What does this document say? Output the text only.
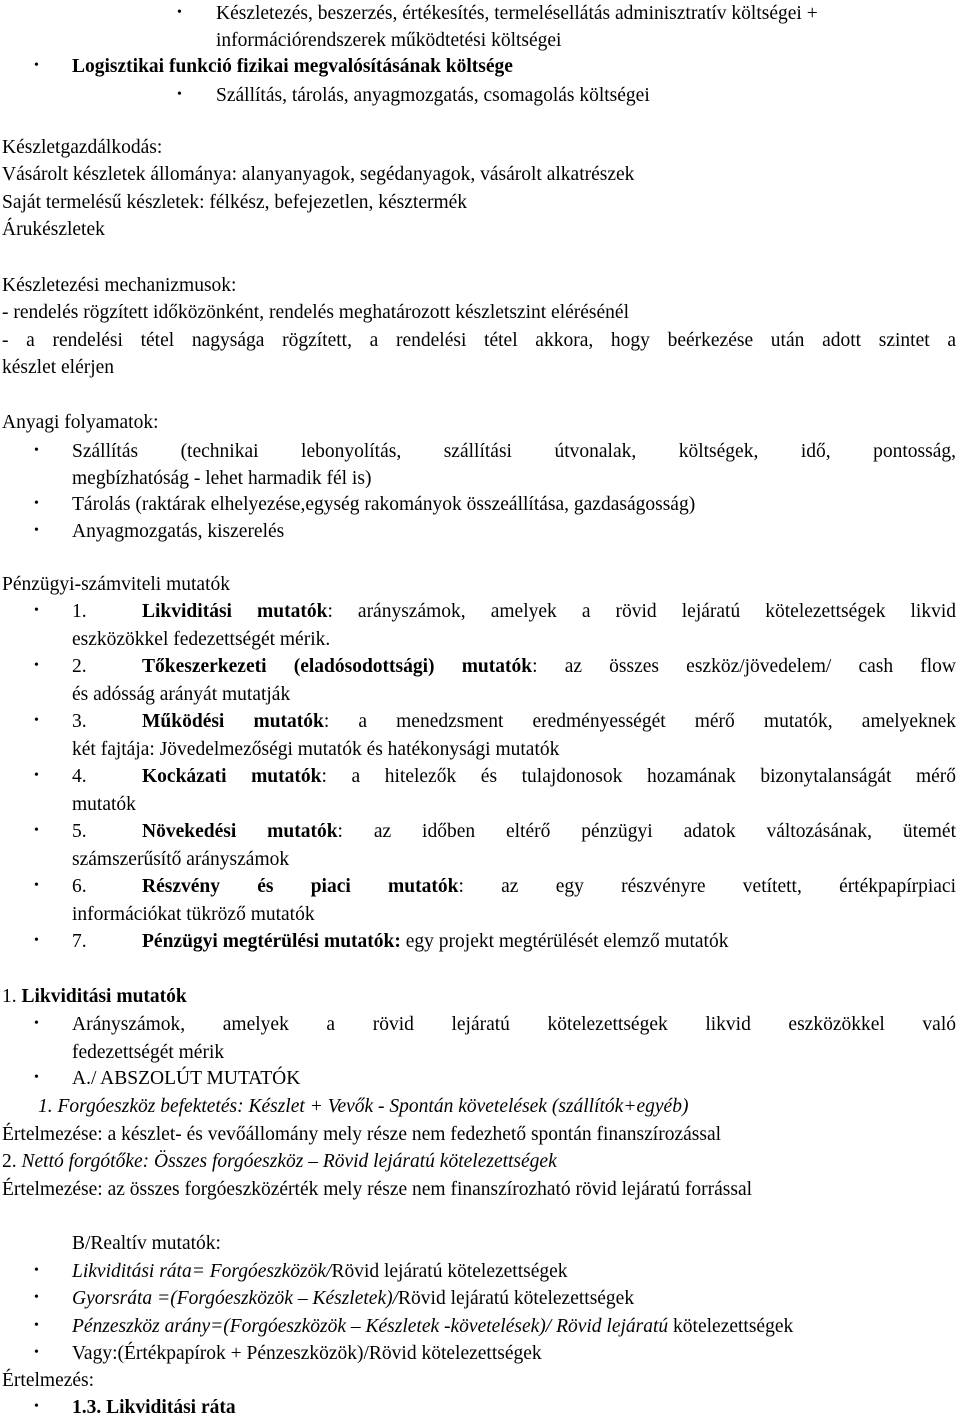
• Készletezés, beszerzés, értékesítés, termelésellátás adminisztratív költségei +
információrendszerek működtetési költségei
• Logisztikai funkció fizikai megvalósításának költsége
• Szállítás, tárolás, anyagmozgatás, csomagolás költségei
Készletgazdálkodás:
Vásárolt készletek állománya: alanyanyagok, segédanyagok, vásárolt alkatrészek
Saját termelésű készletek: félkész, befejezetlen, késztermék
Árukészletek
Készletezési mechanizmusok:
- rendelés rögzített időközönként, rendelés meghatározott készletszint elérésénél
- a rendelési tétel nagysága rögzített, a rendelési tétel akkora, hogy beérkezése után adott szintet a
készlet elérjen
Anyagi folyamatok:
• Szállítás (technikai lebonyolítás, szállítási útvonalak, költségek, idő, pontosság,
megbízhatóság - lehet harmadik fél is)
• Tárolás (raktárak elhelyezése,egység rakományok összeállítása, gazdaságosság)
• Anyagmozgatás, kiszerelés
Pénzügyi-számviteli mutatók
• 1.	Likviditási mutatók: arányszámok, amelyek a rövid lejáratú kötelezettségek likvid
eszközökkel fedezettségét mérik.
• 2.	Tőkeszerkezeti (eladósodottsági) mutatók: az összes eszköz/jövedelem/ cash flow
és adósság arányát mutatják
• 3.	Működési mutatók: a menedzsment eredményességét mérő mutatók, amelyeknek
két fajtája: Jövedelmezőségi mutatók és hatékonysági mutatók
• 4.	Kockázati mutatók: a hitelezők és tulajdonosok hozamának bizonytalanságát mérő
mutatók
• 5.	Növekedési mutatók: az időben eltérő pénzügyi adatok változásának, ütemét
számszerűsítő arányszámok
• 6.	Részvény és piaci mutatók: az egy részvényre vetített, értékpapírpiaci
információkat tükröző mutatók
• 7.	Pénzügyi megtérülési mutatók: egy projekt megtérülését elemző mutatók
1. Likviditási mutatók
• Arányszámok, amelyek a rövid lejáratú kötelezettségek likvid eszközökkel való
fedezettségét mérik
• A./ ABSZOLÚT MUTATÓK
1. Forgóeszköz befektetés: Készlet + Vevők - Spontán követelések (szállítók+egyéb)
Értelmezése: a készlet- és vevőállomány mely része nem fedezhető spontán finanszírozással
2. Nettó forgótőke: Összes forgóeszköz – Rövid lejáratú kötelezettségek
Értelmezése: az összes forgóeszközérték mely része nem finanszírozható rövid lejáratú forrással
B/Realtív mutatók:
• Likviditási ráta= Forgóeszközök/Rövid lejáratú kötelezettségek
• Gyorsráta =(Forgóeszközök – Készletek)/Rövid lejáratú kötelezettségek
• Pénzeszköz arány=(Forgóeszközök – Készletek -követelések)/ Rövid lejáratú kötelezettségek
• Vagy:(Értékpapírok + Pénzeszközök)/Rövid kötelezettségek
Értelmezés:
• 1.3. Likviditási ráta
